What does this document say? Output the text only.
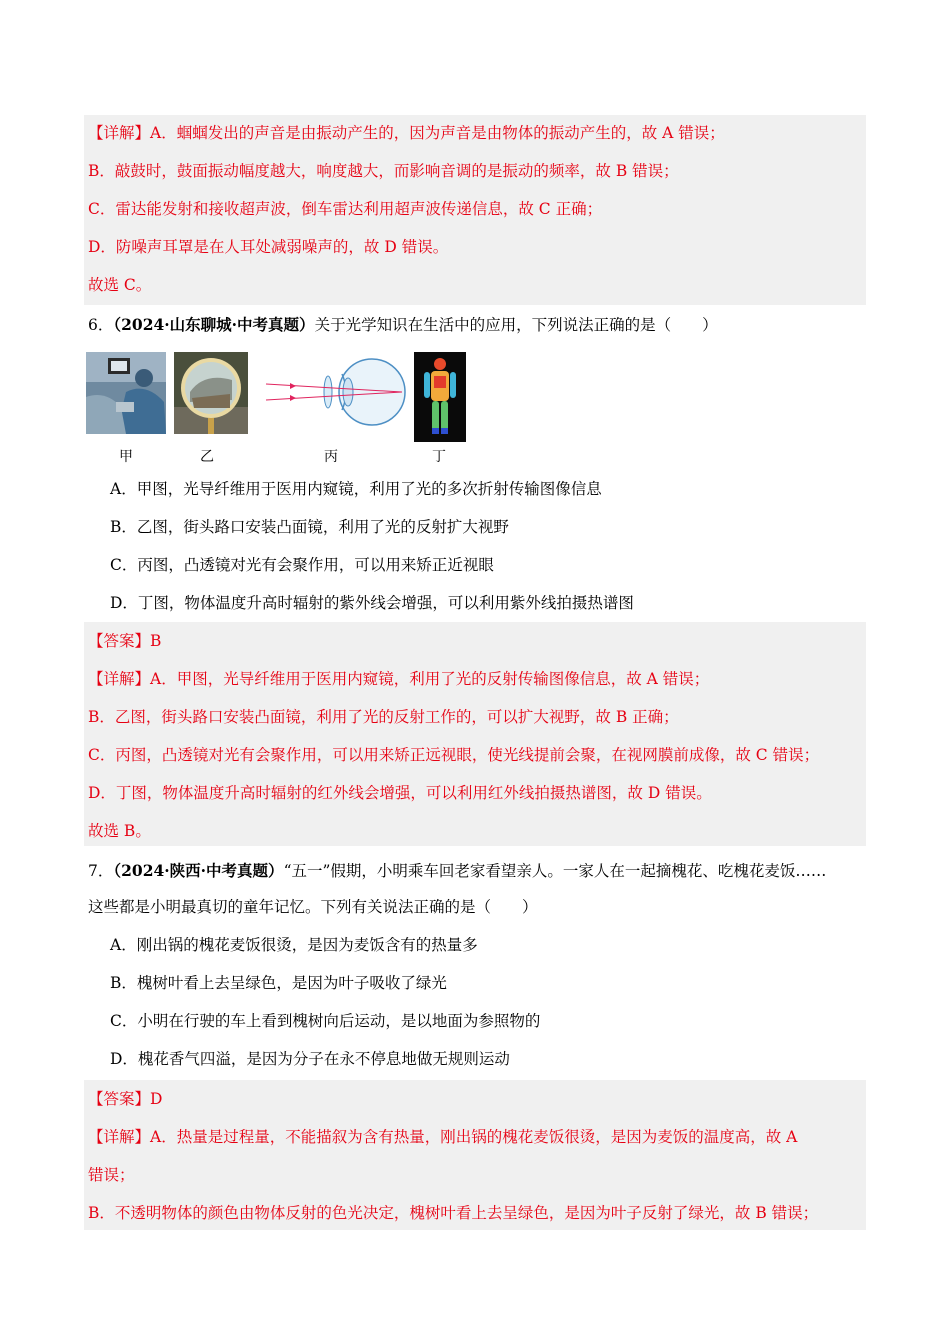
【详解】A．蝈蝈发出的声音是由振动产生的，因为声音是由物体的振动产生的，故 A 错误；
B．敲鼓时，鼓面振动幅度越大，响度越大，而影响音调的是振动的频率，故 B 错误；
C．雷达能发射和接收超声波，倒车雷达利用超声波传递信息，故 C 正确；
D．防噪声耳罩是在人耳处减弱噪声的，故 D 错误。
故选 C。
6．（2024·山东聊城·中考真题）关于光学知识在生活中的应用，下列说法正确的是（　　）
甲	乙	丙	丁
A．甲图，光导纤维用于医用内窥镜，利用了光的多次折射传输图像信息
B．乙图，街头路口安装凸面镜，利用了光的反射扩大视野
C．丙图，凸透镜对光有会聚作用，可以用来矫正近视眼
D．丁图，物体温度升高时辐射的紫外线会增强，可以利用紫外线拍摄热谱图
【答案】B
【详解】A．甲图，光导纤维用于医用内窥镜，利用了光的反射传输图像信息，故 A 错误；
B．乙图，街头路口安装凸面镜，利用了光的反射工作的，可以扩大视野，故 B 正确；
C．丙图，凸透镜对光有会聚作用，可以用来矫正远视眼，使光线提前会聚，在视网膜前成像，故 C 错误；
D．丁图，物体温度升高时辐射的红外线会增强，可以利用红外线拍摄热谱图，故 D 错误。
故选 B。
7．（2024·陕西·中考真题）“五一”假期，小明乘车回老家看望亲人。一家人在一起摘槐花、吃槐花麦饭……
这些都是小明最真切的童年记忆。下列有关说法正确的是（　　）
A．刚出锅的槐花麦饭很烫，是因为麦饭含有的热量多
B．槐树叶看上去呈绿色，是因为叶子吸收了绿光
C．小明在行驶的车上看到槐树向后运动，是以地面为参照物的
D．槐花香气四溢，是因为分子在永不停息地做无规则运动
【答案】D
【详解】A．热量是过程量，不能描叙为含有热量，刚出锅的槐花麦饭很烫，是因为麦饭的温度高，故 A
错误；
B．不透明物体的颜色由物体反射的色光决定，槐树叶看上去呈绿色，是因为叶子反射了绿光，故 B 错误；
